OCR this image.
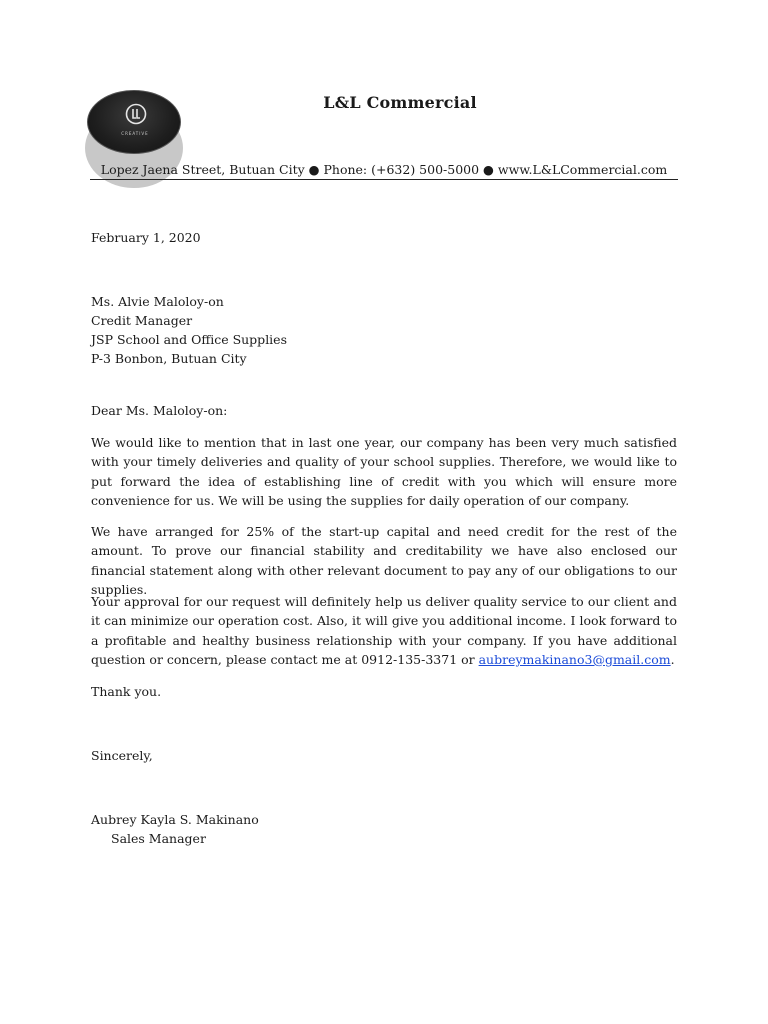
CREATIVE
L&L Commercial
Lopez Jaena Street, Butuan City ● Phone: (+632) 500-5000 ● www.L&LCommercial.com
February 1, 2020
Ms. Alvie Maloloy-on
Credit Manager
JSP School and Office Supplies
P-3 Bonbon, Butuan City
Dear Ms. Maloloy-on:
We would like to mention that in last one year, our company has been very much satisfied with your timely deliveries and quality of your school supplies. Therefore, we would like to put forward the idea of establishing line of credit with you which will ensure more convenience for us. We will be using the supplies for daily operation of our company.
We have arranged for 25% of the start-up capital and need credit for the rest of the amount. To prove our financial stability and creditability we have also enclosed our financial statement along with other relevant document to pay any of our obligations to our supplies.
Your approval for our request will definitely help us deliver quality service to our client and it can minimize our operation cost. Also, it will give you additional income. I look forward to a profitable and healthy business relationship with your company. If you have additional question or concern, please contact me at 0912-135-3371 or aubreymakinano3@gmail.com.
Thank you.
Sincerely,
Aubrey Kayla S. Makinano
Sales Manager
